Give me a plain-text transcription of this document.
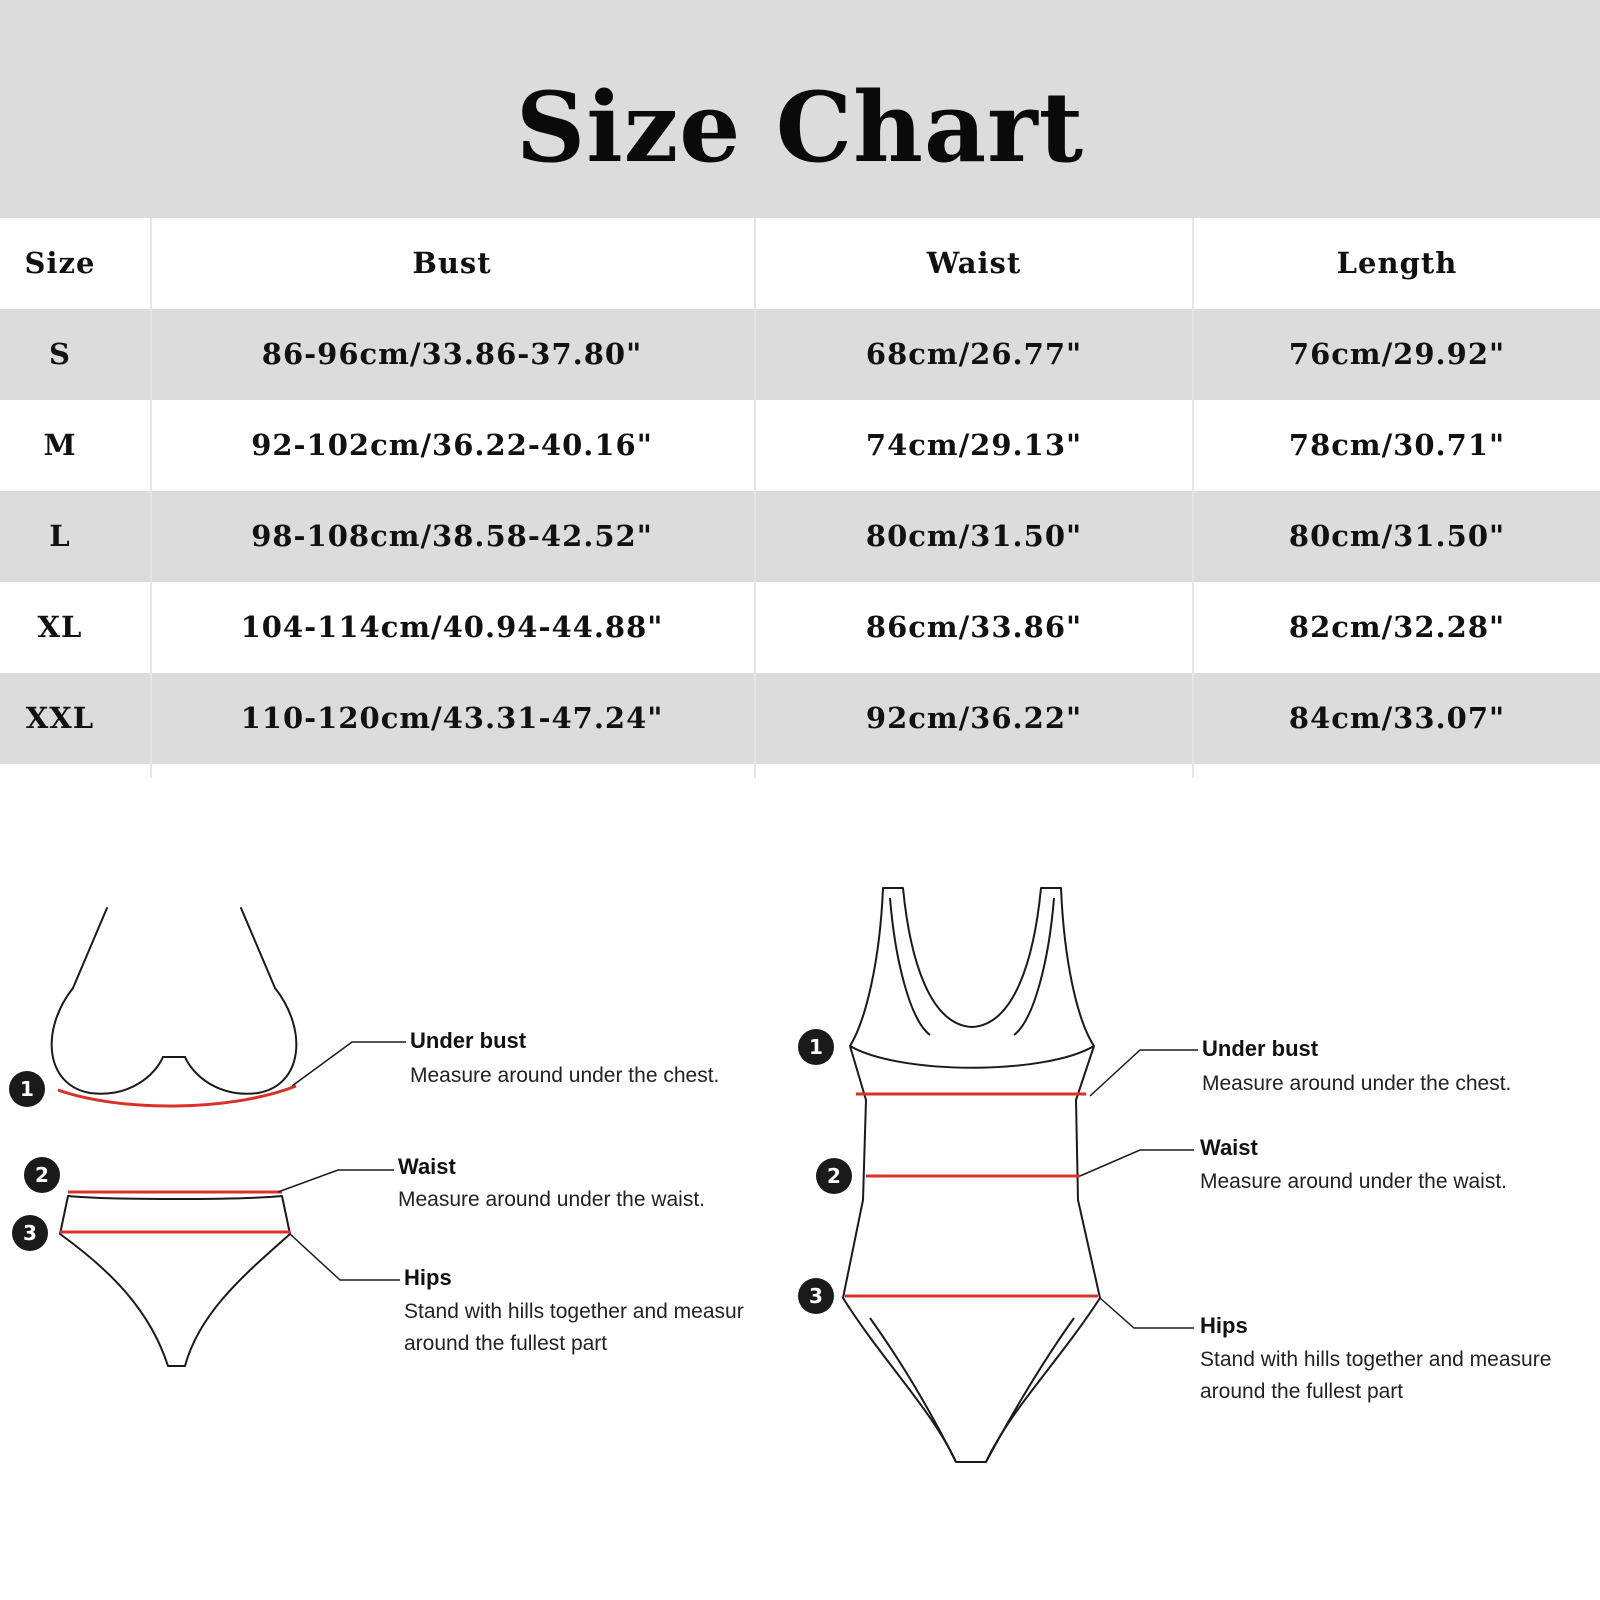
Size Chart
Size	Bust	Waist	Length
S	86-96cm/33.86-37.80"	68cm/26.77"	76cm/29.92"
M	92-102cm/36.22-40.16"	74cm/29.13"	78cm/30.71"
L	98-108cm/38.58-42.52"	80cm/31.50"	80cm/31.50"
XL	104-114cm/40.94-44.88"	86cm/33.86"	82cm/32.28"
XXL	110-120cm/43.31-47.24"	92cm/36.22"	84cm/33.07"
1
2
3
Under bust
Measure around under the chest.
Waist
Measure around under the waist.
Hips
Stand with hills together and measur
around the fullest part
1
2
3
Under bust
Measure around under the chest.
Waist
Measure around under the waist.
Hips
Stand with hills together and measure
around the fullest part
